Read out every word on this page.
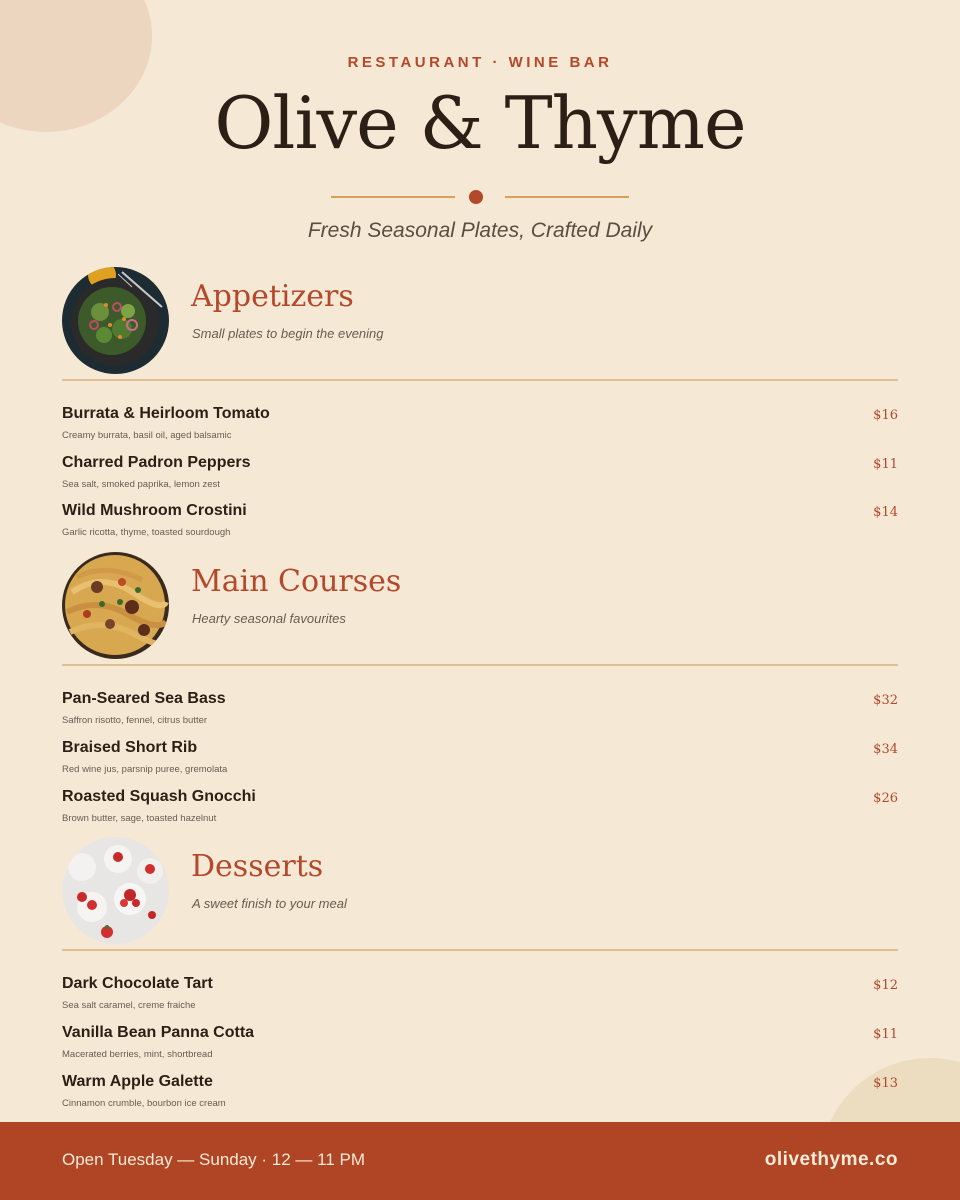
RESTAURANT · WINE BAR
Olive & Thyme
Fresh Seasonal Plates, Crafted Daily
Appetizers
Small plates to begin the evening
Burrata & Heirloom Tomato
Creamy burrata, basil oil, aged balsamic
$16
Charred Padron Peppers
Sea salt, smoked paprika, lemon zest
$11
Wild Mushroom Crostini
Garlic ricotta, thyme, toasted sourdough
$14
Main Courses
Hearty seasonal favourites
Pan-Seared Sea Bass
Saffron risotto, fennel, citrus butter
$32
Braised Short Rib
Red wine jus, parsnip puree, gremolata
$34
Roasted Squash Gnocchi
Brown butter, sage, toasted hazelnut
$26
Desserts
A sweet finish to your meal
Dark Chocolate Tart
Sea salt caramel, creme fraiche
$12
Vanilla Bean Panna Cotta
Macerated berries, mint, shortbread
$11
Warm Apple Galette
Cinnamon crumble, bourbon ice cream
$13
Open Tuesday — Sunday · 12 — 11 PM	olivethyme.co
